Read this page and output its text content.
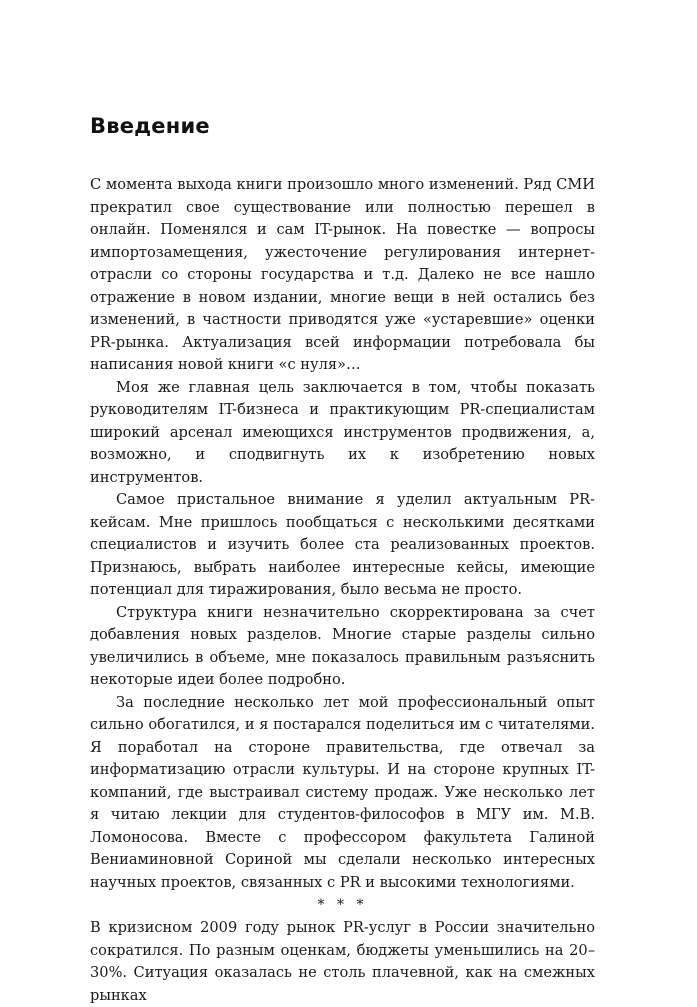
Введение

С момента выхода книги произошло много изменений. Ряд СМИ прекратил свое существование или полностью перешел в онлайн. Поменялся и сам IT-рынок. На повестке — вопросы импортозамещения, ужесточение регулирования интернет-отрасли со стороны государства и т.д. Далеко не все нашло отражение в новом издании, многие вещи в ней остались без изменений, в частности приводятся уже «устаревшие» оценки PR-рынка. Актуализация всей информации потребовала бы написания новой книги «с нуля»…

Моя же главная цель заключается в том, чтобы показать руководителям IT-бизнеса и практикующим PR-специалистам широкий арсенал имеющихся инструментов продвижения, а, возможно, и сподвигнуть их к изобретению новых инструментов.

Самое пристальное внимание я уделил актуальным PR-кейсам. Мне пришлось пообщаться с несколькими десятками специалистов и изучить более ста реализованных проектов. Признаюсь, выбрать наиболее интересные кейсы, имеющие потенциал для тиражирования, было весьма не просто.

Структура книги незначительно скорректирована за счет добавления новых разделов. Многие старые разделы сильно увеличились в объеме, мне показалось правильным разъяснить некоторые идеи более подробно.

За последние несколько лет мой профессиональный опыт сильно обогатился, и я постарался поделиться им с читателями. Я поработал на стороне правительства, где отвечал за информатизацию отрасли культуры. И на стороне крупных IT-компаний, где выстраивал систему продаж. Уже несколько лет я читаю лекции для студентов-философов в МГУ им. М.В. Ломоносова. Вместе с профессором факультета Галиной Вениаминовной Сориной мы сделали несколько интересных научных проектов, связанных с PR и высокими технологиями.

* * *

В кризисном 2009 году рынок PR-услуг в России значительно сократился. По разным оценкам, бюджеты уменьшились на 20–30%. Ситуация оказалась не столь плачевной, как на смежных рынках
